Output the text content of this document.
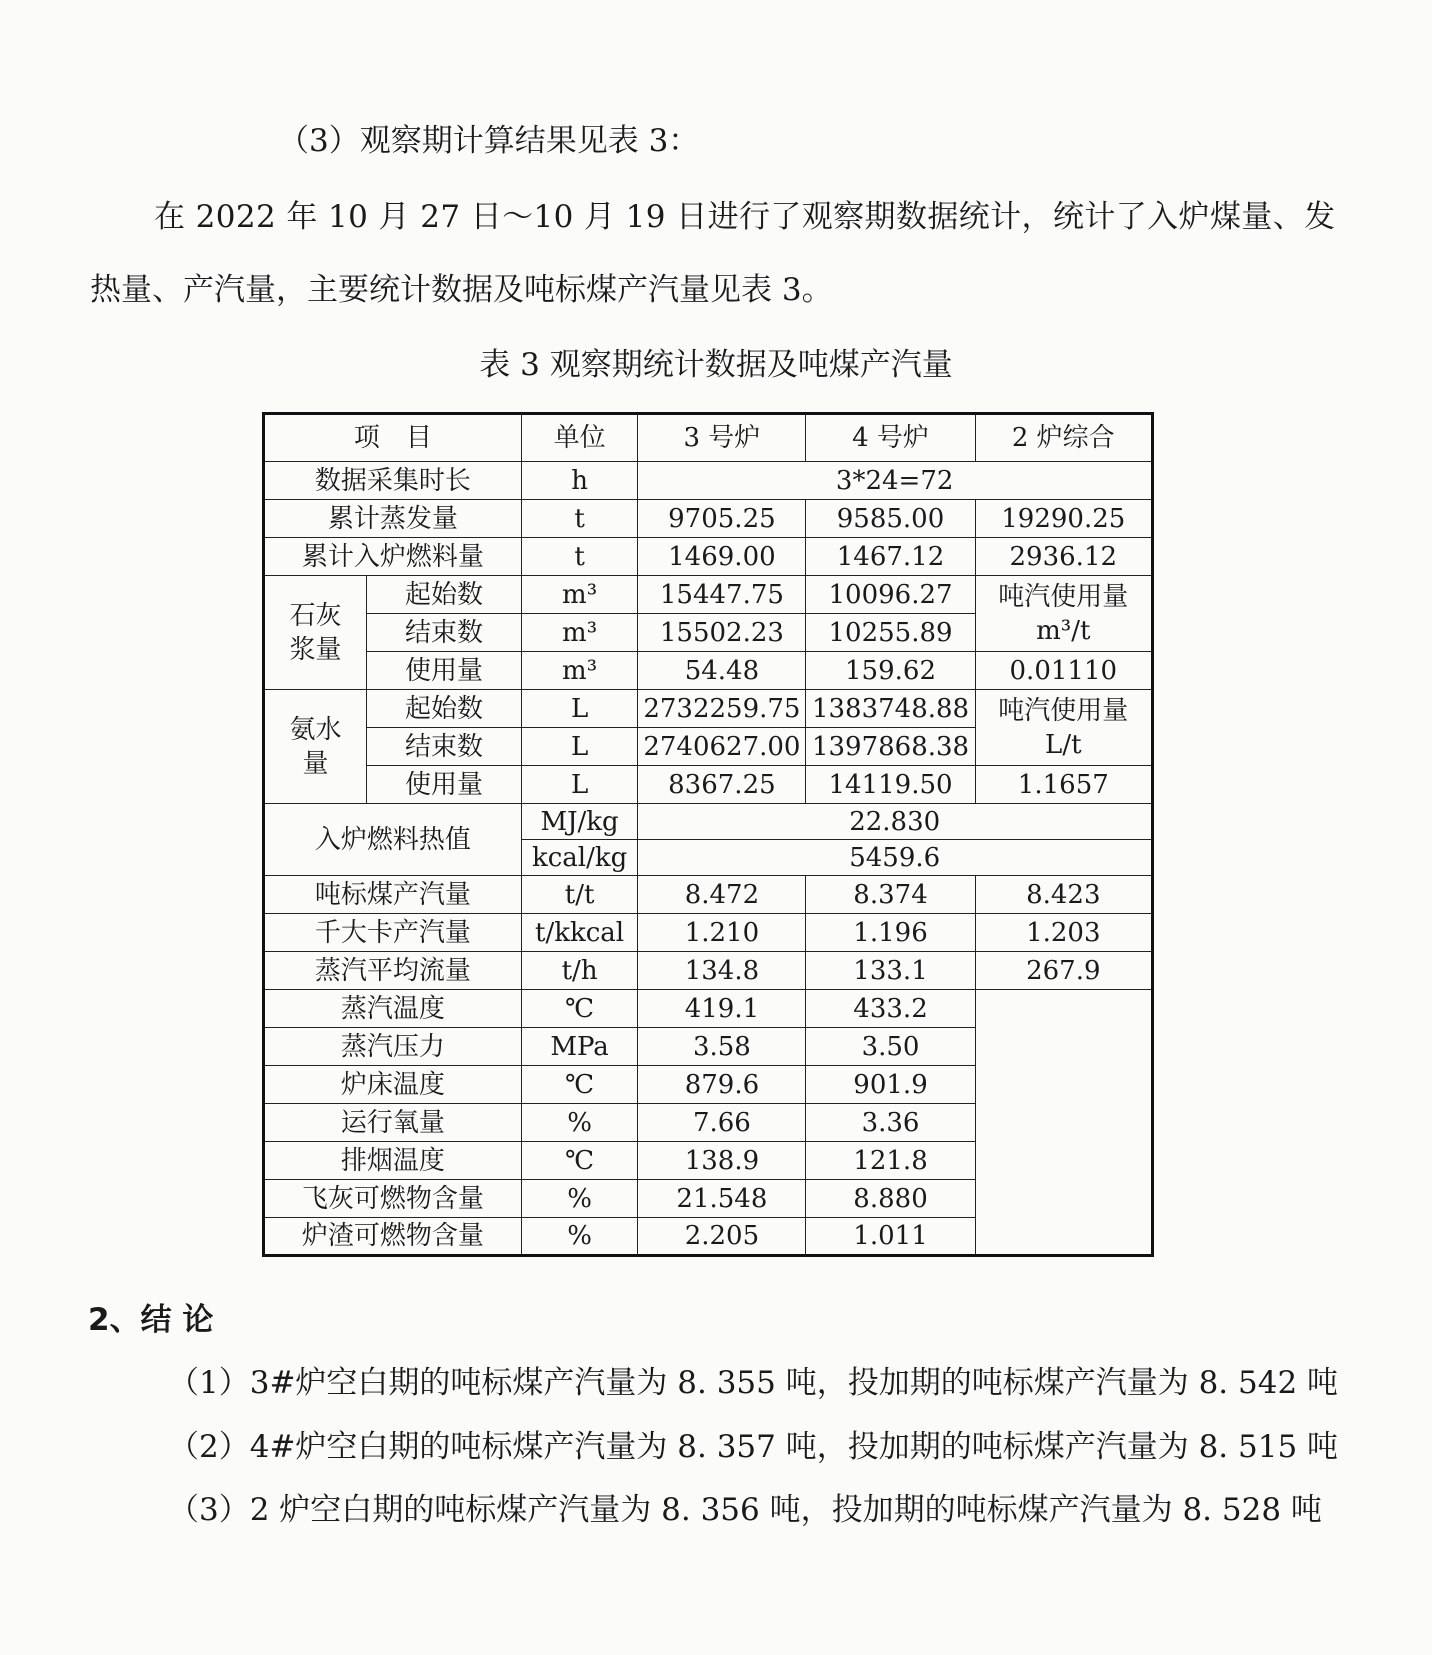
（3）观察期计算结果见表 3：

在 2022 年 10 月 27 日～10 月 19 日进行了观察期数据统计，统计了入炉煤量、发

热量、产汽量，主要统计数据及吨标煤产汽量见表 3。

表 3 观察期统计数据及吨煤产汽量
项　目		单位	3 号炉	4 号炉	2 炉综合
数据采集时长		h	3*24=72		
累计蒸发量		t	9705.25	9585.00	19290.25
累计入炉燃料量		t	1469.00	1467.12	2936.12
石灰浆量	起始数	m³	15447.75	10096.27	吨汽使用量
m³/t

	结束数	m³	15502.23	10255.89	
	使用量	m³	54.48	159.62	0.01110
氨水量	起始数	L	2732259.75	1383748.88	吨汽使用量
L/t

	结束数	L	2740627.00	1397868.38	
	使用量	L	8367.25	14119.50	1.1657
入炉燃料热值		MJ/kg	22.830		
		kcal/kg	5459.6		
吨标煤产汽量		t/t	8.472	8.374	8.423
千大卡产汽量		t/kkcal	1.210	1.196	1.203
蒸汽平均流量		t/h	134.8	133.1	267.9
蒸汽温度		℃	419.1	433.2	
蒸汽压力		MPa	3.58	3.50	
炉床温度		℃	879.6	901.9	
运行氧量		%	7.66	3.36	
排烟温度		℃	138.9	121.8	
飞灰可燃物含量		%	21.548	8.880	
炉渣可燃物含量		%	2.205	1.011	
2、结 论
（1）3#炉空白期的吨标煤产汽量为 8. 355 吨，投加期的吨标煤产汽量为 8. 542 吨
（2）4#炉空白期的吨标煤产汽量为 8. 357 吨，投加期的吨标煤产汽量为 8. 515 吨
（3）2 炉空白期的吨标煤产汽量为 8. 356 吨，投加期的吨标煤产汽量为 8. 528 吨
